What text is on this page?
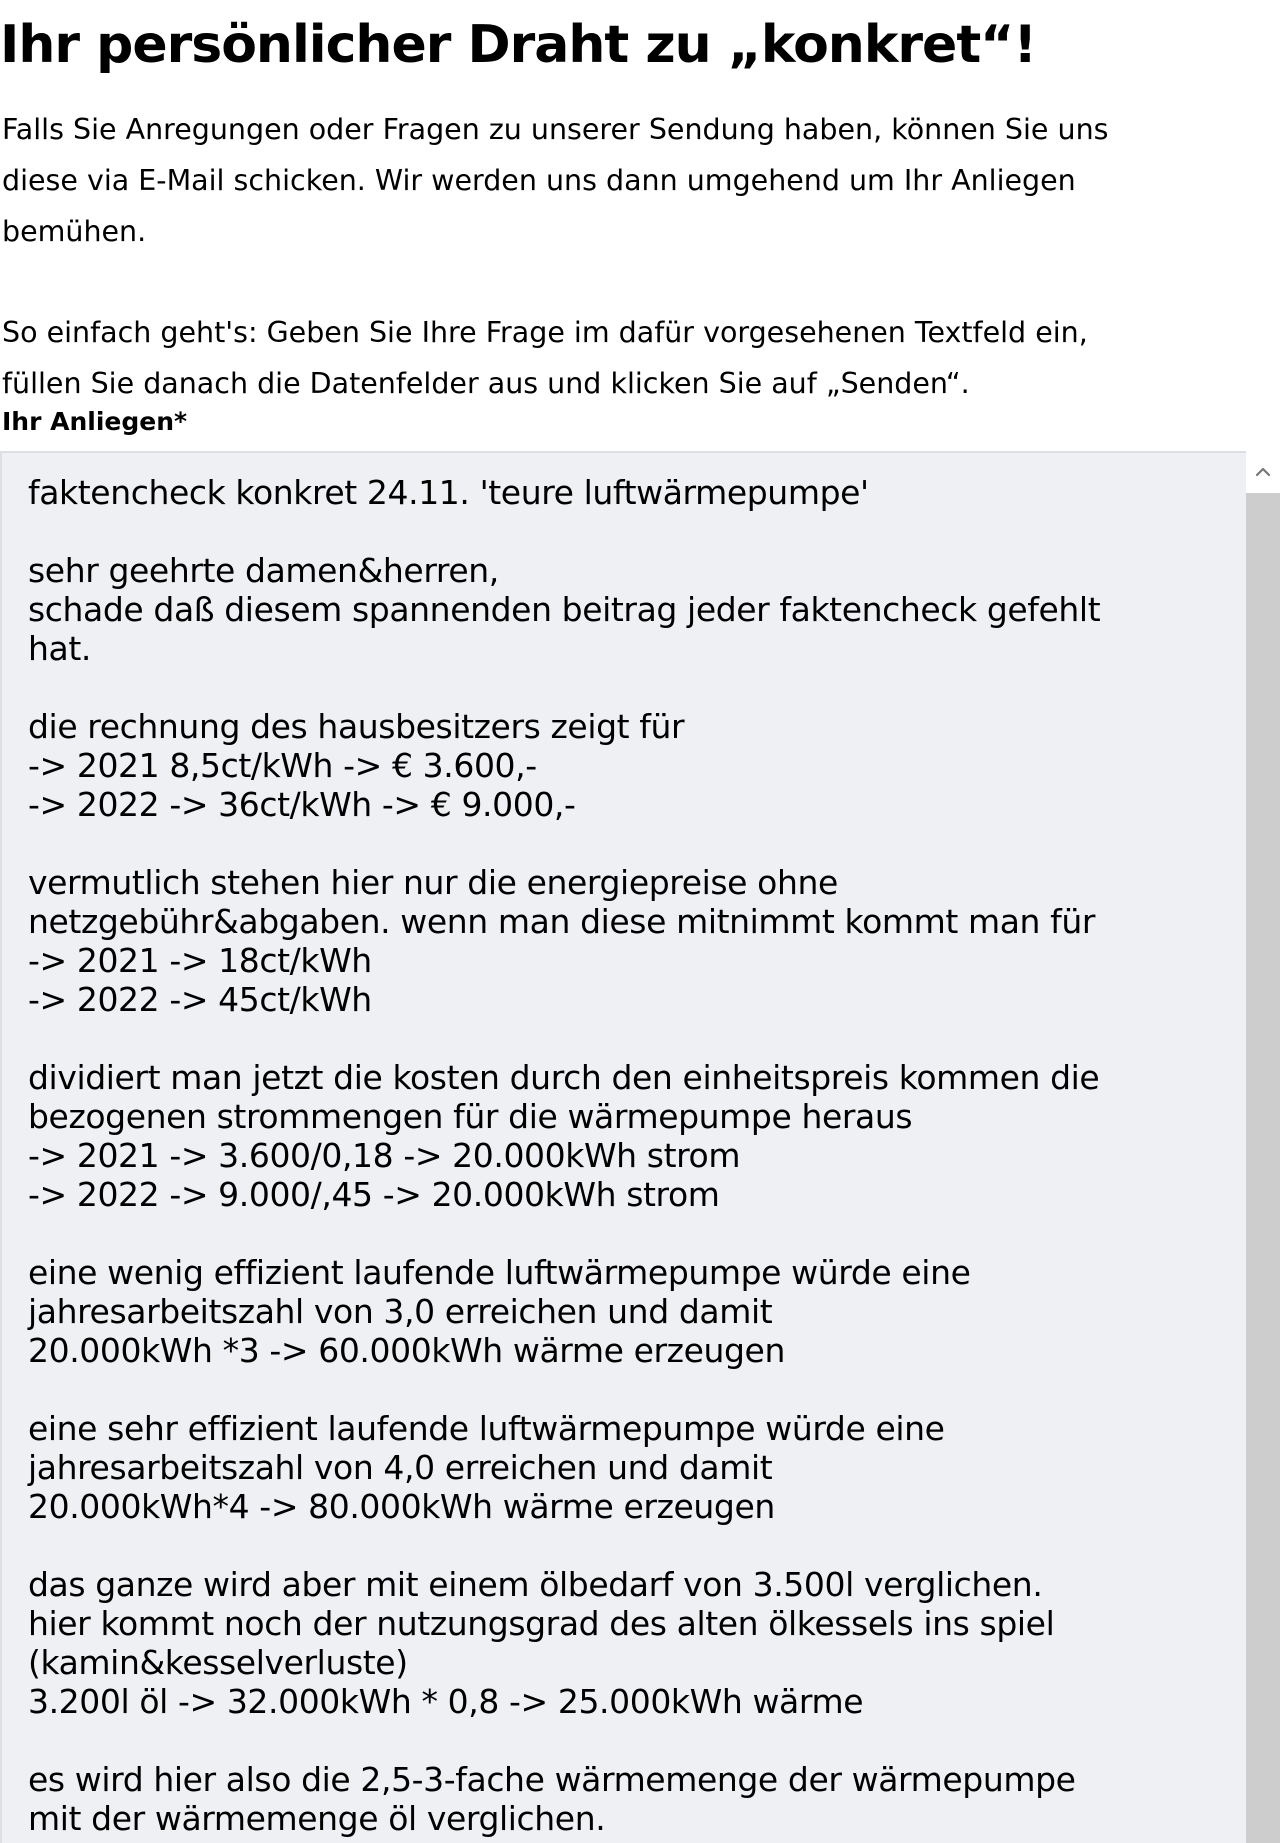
Ihr persönlicher Draht zu „konkret“!

Falls Sie Anregungen oder Fragen zu unserer Sendung haben, können Sie uns
diese via E-Mail schicken. Wir werden uns dann umgehend um Ihr Anliegen
bemühen.

So einfach geht's: Geben Sie Ihre Frage im dafür vorgesehenen Textfeld ein,
füllen Sie danach die Datenfelder aus und klicken Sie auf „Senden“.

Ihr Anliegen*
faktencheck konkret 24.11. 'teure luftwärmepumpe'

sehr geehrte damen&herren,
schade daß diesem spannenden beitrag jeder faktencheck gefehlt
hat.

die rechnung des hausbesitzers zeigt für
-> 2021 8,5ct/kWh -> € 3.600,-
-> 2022 -> 36ct/kWh -> € 9.000,-

vermutlich stehen hier nur die energiepreise ohne
netzgebühr&abgaben. wenn man diese mitnimmt kommt man für
-> 2021 -> 18ct/kWh
-> 2022 -> 45ct/kWh

dividiert man jetzt die kosten durch den einheitspreis kommen die
bezogenen strommengen für die wärmepumpe heraus
-> 2021 -> 3.600/0,18 -> 20.000kWh strom
-> 2022 -> 9.000/,45 -> 20.000kWh strom

eine wenig effizient laufende luftwärmepumpe würde eine
jahresarbeitszahl von 3,0 erreichen und damit
20.000kWh *3 -> 60.000kWh wärme erzeugen

eine sehr effizient laufende luftwärmepumpe würde eine
jahresarbeitszahl von 4,0 erreichen und damit
20.000kWh*4 -> 80.000kWh wärme erzeugen

das ganze wird aber mit einem ölbedarf von 3.500l verglichen.
hier kommt noch der nutzungsgrad des alten ölkessels ins spiel
(kamin&kesselverluste)
3.200l öl -> 32.000kWh * 0,8 -> 25.000kWh wärme

es wird hier also die 2,5-3-fache wärmemenge der wärmepumpe
mit der wärmemenge öl verglichen.
